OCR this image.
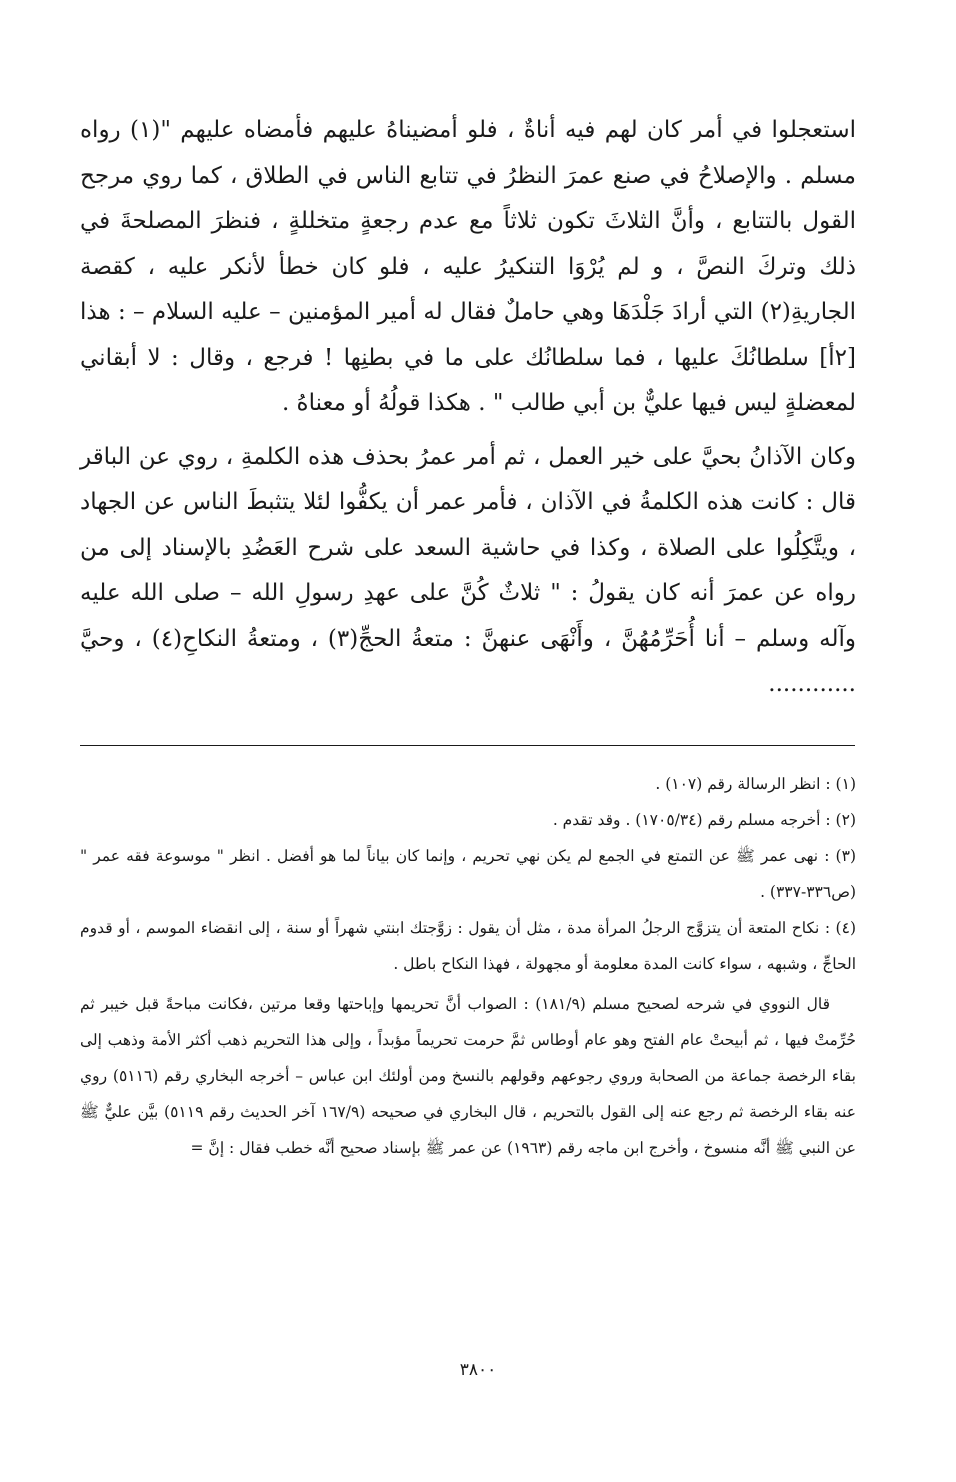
استعجلوا في أمر كان لهم فيه أناةٌ ، فلو أمضيناهُ عليهم فأمضاه عليهم "(١) رواه مسلم . والإصلاحُ في صنع عمرَ النظرُ في تتابع الناس في الطلاق ، كما روي مرجح القول بالتتابع ، وأنَّ الثلاثَ تكون ثلاثاً مع عدم رجعةٍ متخللةٍ ، فنظرَ المصلحةَ في ذلك وتركَ النصَّ ، و لم يُرْوَا التنكيرُ عليه ، فلو كان خطأ لأنكر عليه ، كقصة الجاريةِ(٢) التي أرادَ جَلْدَهَا وهي حاملٌ فقال له أمير المؤمنين – عليه السلام – : هذا [٢أ] سلطانُكَ عليها ، فما سلطانُك على ما في بطنِها ! فرجع ، وقال : لا أبقاني لمعضلةٍ ليس فيها عليٌّ بن أبي طالب " . هكذا قولُهُ أو معناهُ .

وكان الآذانُ بحيَّ على خير العمل ، ثم أمر عمرُ بحذف هذه الكلمةِ ، روي عن الباقر قال : كانت هذه الكلمةُ في الآذان ، فأمر عمر أن يكفُّوا لئلا يتثبطَ الناس عن الجهاد ، ويتَّكِلُوا على الصلاة ، وكذا في حاشية السعد على شرح العَضُدِ بالإسناد إلى من رواه عن عمرَ أنه كان يقولُ : " ثلاثٌ كُنَّ على عهدِ رسولِ الله – صلى الله عليه وآله وسلم – أنا أُحَرِّمُهُنَّ ، وأَنْهَى عنهنَّ : متعةُ الحجِّ(٣) ، ومتعةُ النكاحِ(٤) ، وحيَّ ............

(١) : انظر الرسالة رقم (١٠٧) .

(٢) : أخرجه مسلم رقم (١٧٠٥/٣٤) . وقد تقدم .

(٣) : نهى عمر ﷺ عن التمتع في الجمع لم يكن نهي تحريم ، وإنما كان بياناً لما هو أفضل . انظر " موسوعة فقه عمر " (ص٣٣٦-٣٣٧) .

(٤) : نكاح المتعة أن يتزوَّج الرجلُ المرأة مدة ، مثل أن يقول : زوَّجتك ابنتي شهراً أو سنة ، إلى انقضاء الموسم ، أو قدوم الحاجِّ ، وشبهه ، سواء كانت المدة معلومة أو مجهولة ، فهذا النكاح باطل .

قال النووي في شرحه لصحيح مسلم (١٨١/٩) : الصواب أنَّ تحريمها وإباحتها وقعا مرتين ،فكانت مباحةً قبل خيبر ثم حُرِّمتْ فيها ، ثم أبيحتْ عام الفتح وهو عام أوطاس ثمَّ حرمت تحريماً مؤبداً ، وإلى هذا التحريم ذهب أكثر الأمة وذهب إلى بقاء الرخصة جماعة من الصحابة وروي رجوعهم وقولهم بالنسخ ومن أولئك ابن عباس – أخرجه البخاري رقم (٥١١٦) روي عنه بقاء الرخصة ثم رجع عنه إلى القول بالتحريم ، قال البخاري في صحيحه (١٦٧/٩ آخر الحديث رقم ٥١١٩) بيَّن عليٌّ ﷺ عن النبي ﷺ أنَّه منسوخ ، وأخرج ابن ماجه رقم (١٩٦٣) عن عمر ﷺ بإسناد صحيح أنَّه خطب فقال : إنَّ =

٣٨٠٠
